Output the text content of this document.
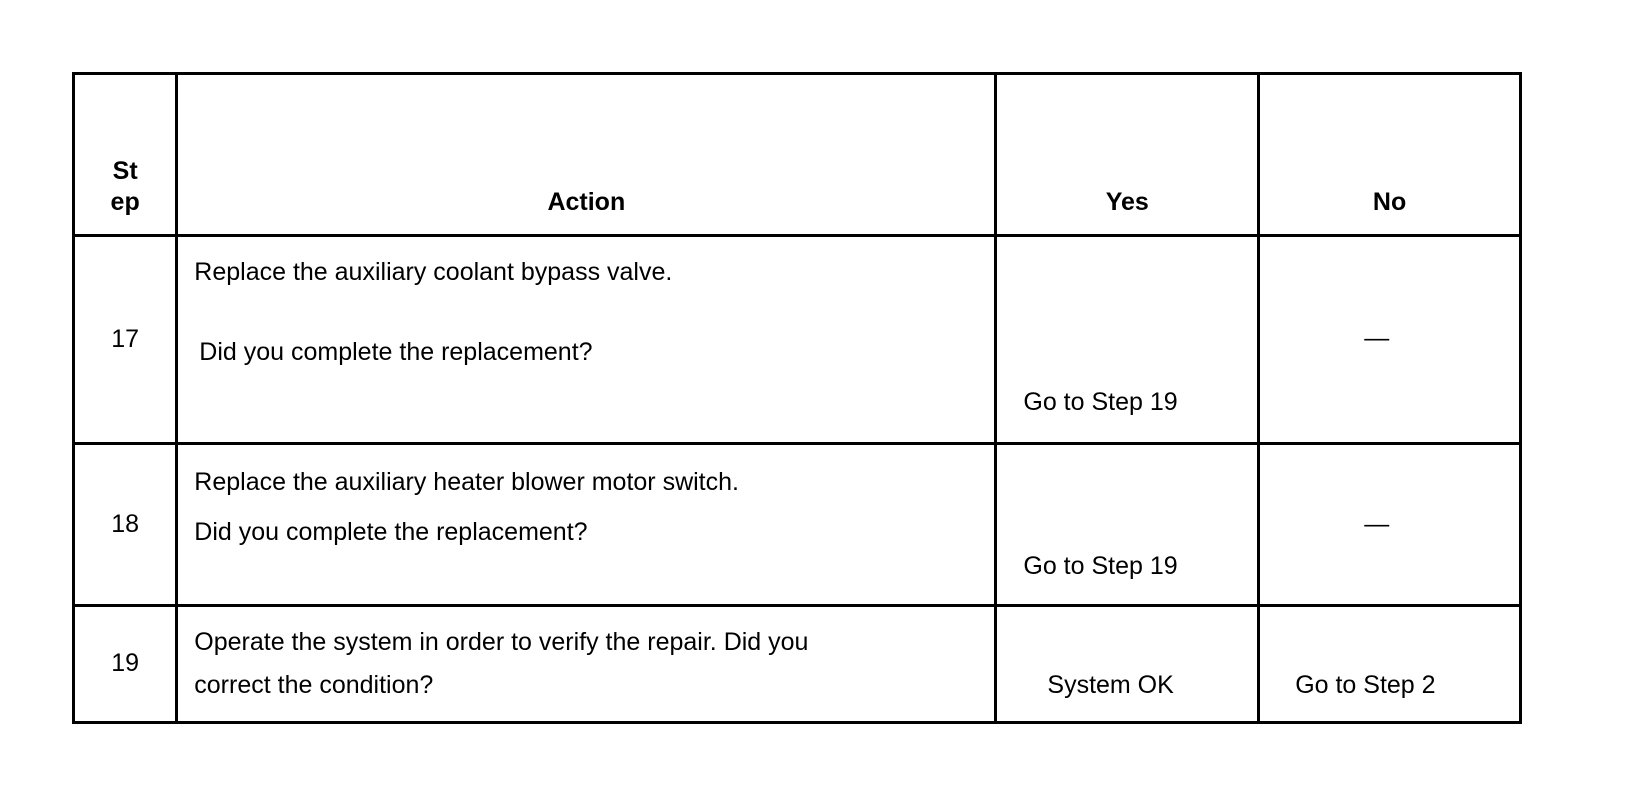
St
ep	Action	Yes	No
17	Replace the auxiliary coolant bypass valve.
Did you complete the replacement?	Go to Step 19	—

18	Replace the auxiliary heater blower motor switch.
Did you complete the replacement?	Go to Step 19	—

19	Operate the system in order to verify the repair. Did you
correct the condition?	System OK	Go to Step 2
